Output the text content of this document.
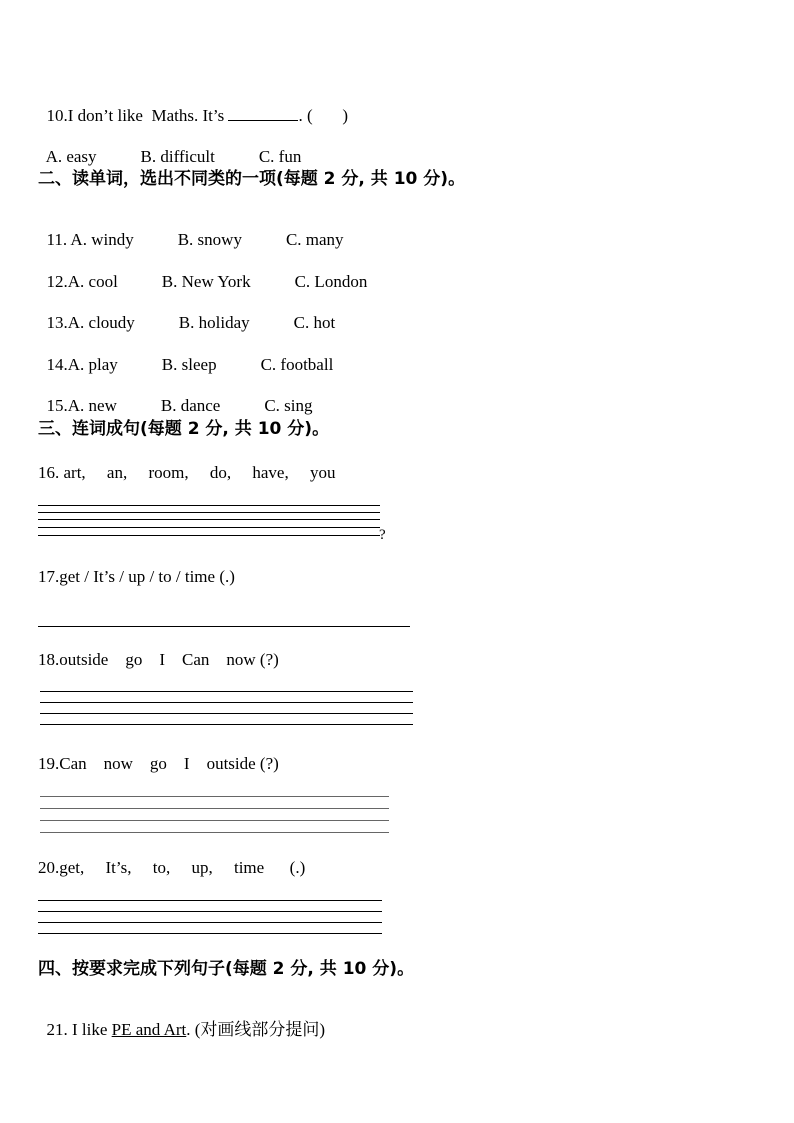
10.I don’t like  Maths. It’s	. (       )

A. easy	B. difficult	C. fun

二、读单词，选出不同类的一项(每题 2 分, 共 10 分)。

11. A. windy	B. snowy	C. many

12.A. cool	B. New York	C. London

13.A. cloudy	B. holiday	C. hot

14.A. play	B. sleep	C. football

15.A. new	B. dance	C. sing

三、连词成句(每题 2 分, 共 10 分)。
16. art,     an,     room,     do,     have,     you
?
17.get / It’s / up / to / time (.)
18.outside    go    I    Can    now (?)
19.Can    now    go    I    outside (?)
20.get,     It’s,     to,     up,     time      (.)
四、按要求完成下列句子(每题 2 分, 共 10 分)。

21. I like PE and Art. (对画线部分提问)
